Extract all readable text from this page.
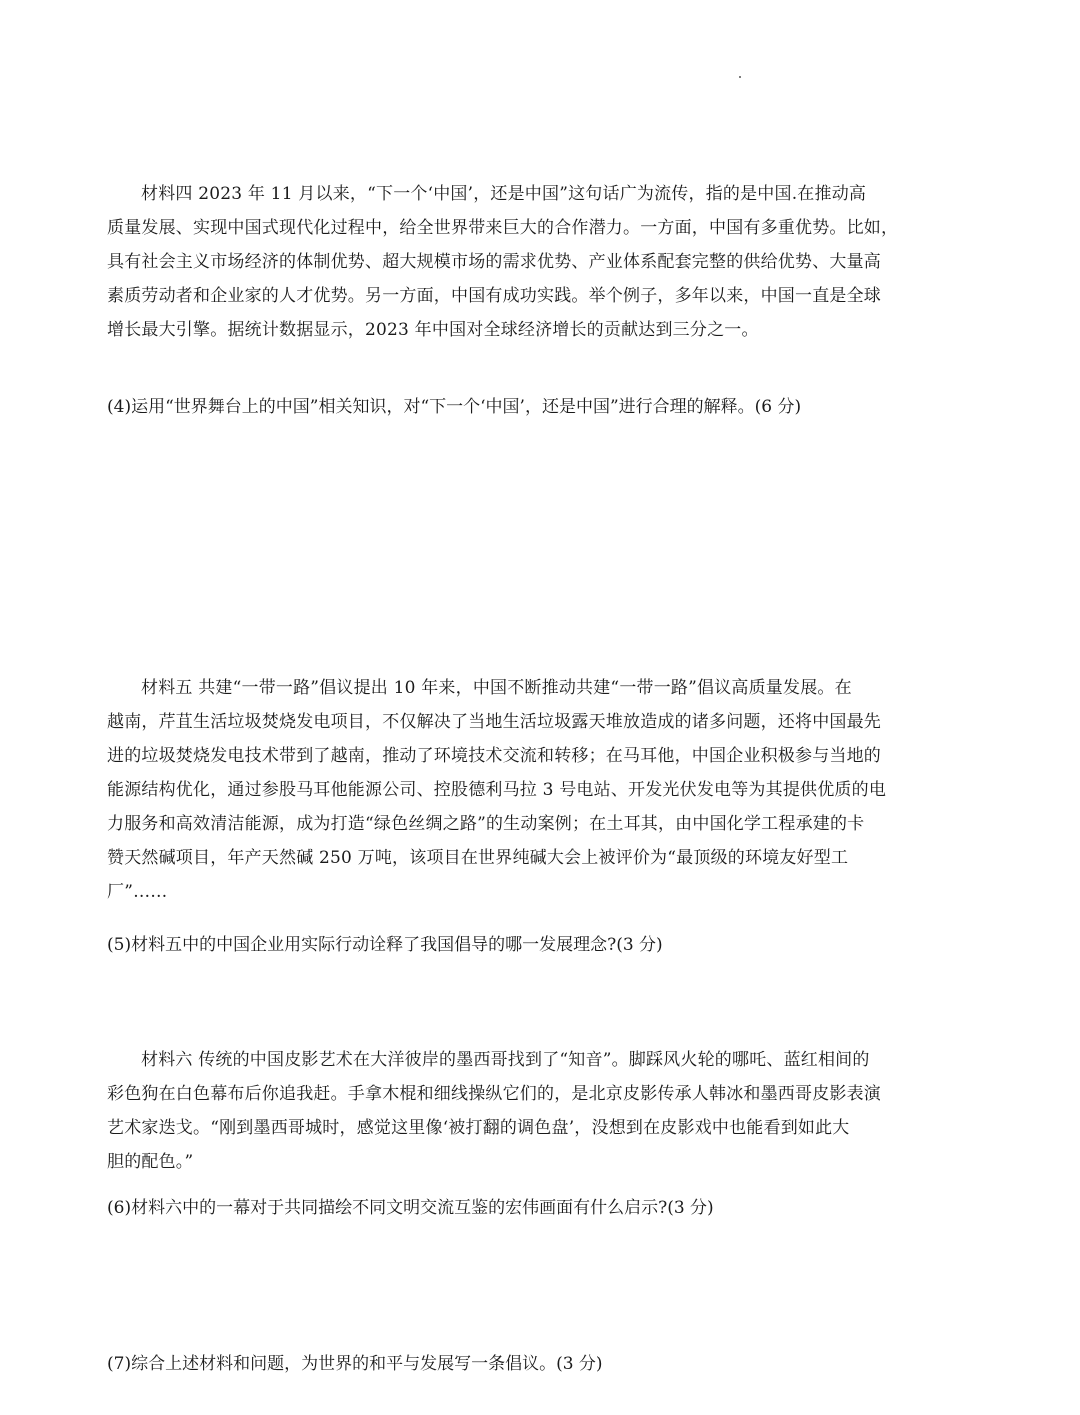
材料四 2023 年 11 月以来，“下一个‘中国’，还是中国”这句话广为流传，指的是中国.在推动高
质量发展、实现中国式现代化过程中，给全世界带来巨大的合作潜力。一方面，中国有多重优势。比如，
具有社会主义市场经济的体制优势、超大规模市场的需求优势、产业体系配套完整的供给优势、大量高
素质劳动者和企业家的人才优势。另一方面，中国有成功实践。举个例子，多年以来，中国一直是全球
增长最大引擎。据统计数据显示，2023 年中国对全球经济增长的贡献达到三分之一。
(4)运用“世界舞台上的中国”相关知识，对“下一个‘中国’，还是中国”进行合理的解释。(6 分)
材料五 共建“一带一路”倡议提出 10 年来，中国不断推动共建“一带一路”倡议高质量发展。在
越南，芹苴生活垃圾焚烧发电项目，不仅解决了当地生活垃圾露天堆放造成的诸多问题，还将中国最先
进的垃圾焚烧发电技术带到了越南，推动了环境技术交流和转移；在马耳他，中国企业积极参与当地的
能源结构优化，通过参股马耳他能源公司、控股德利马拉 3 号电站、开发光伏发电等为其提供优质的电
力服务和高效清洁能源，成为打造“绿色丝绸之路”的生动案例；在土耳其，由中国化学工程承建的卡
赞天然碱项目，年产天然碱 250 万吨，该项目在世界纯碱大会上被评价为“最顶级的环境友好型工
厂”……
(5)材料五中的中国企业用实际行动诠释了我国倡导的哪一发展理念?(3 分)
材料六 传统的中国皮影艺术在大洋彼岸的墨西哥找到了“知音”。脚踩风火轮的哪吒、蓝红相间的
彩色狗在白色幕布后你追我赶。手拿木棍和细线操纵它们的，是北京皮影传承人韩冰和墨西哥皮影表演
艺术家迭戈。“刚到墨西哥城时，感觉这里像‘被打翻的调色盘’，没想到在皮影戏中也能看到如此大
胆的配色。”
(6)材料六中的一幕对于共同描绘不同文明交流互鉴的宏伟画面有什么启示?(3 分)
(7)综合上述材料和问题，为世界的和平与发展写一条倡议。(3 分)
